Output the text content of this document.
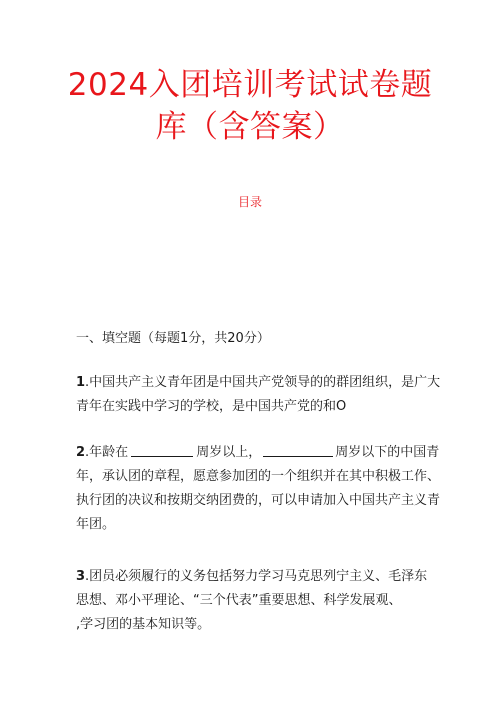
2024入团培训考试试卷题
库（含答案）
目录
一、填空题（每题1分，共20分）

1.中国共产主义青年团是中国共产党领导的的群团组织，是广大
青年在实践中学习的学校，是中国共产党的和O

2.年龄在	周岁以上，	周岁以下的中国青
年，承认团的章程，愿意参加团的一个组织并在其中积极工作、
执行团的决议和按期交纳团费的，可以申请加入中国共产主义青
年团。

3.团员必须履行的义务包括努力学习马克思列宁主义、毛泽东
思想、邓小平理论、“三个代表”重要思想、科学发展观、
,学习团的基本知识等。
